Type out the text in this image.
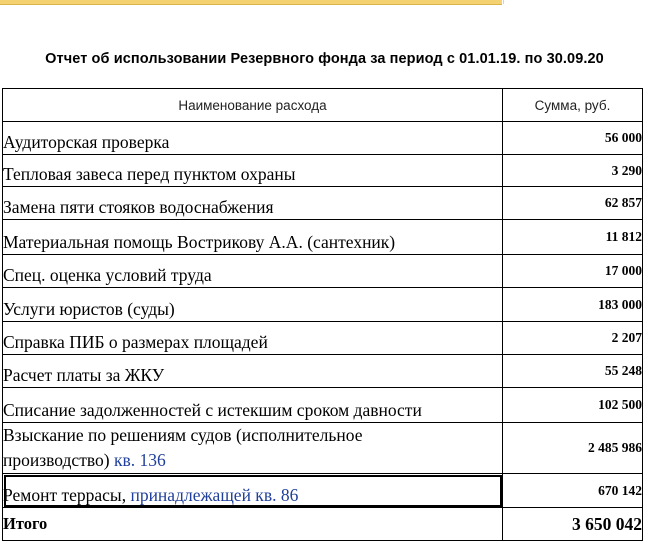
Отчет об использовании Резервного фонда за период с 01.01.19. по 30.09.20
Наименование расхода	Сумма, руб.
Аудиторская проверка	56 000
Тепловая завеса перед пунктом охраны	3 290
Замена пяти стояков водоснабжения	62 857
Материальная помощь Вострикову А.А. (сантехник)	11 812
Спец. оценка условий труда	17 000
Услуги юристов (суды)	183 000
Справка ПИБ о размерах площадей	2 207
Расчет платы за ЖКУ	55 248
Списание задолженностей с истекшим сроком давности	102 500
Взыскание по решениям судов (исполнительное
производство) кв. 136	2 485 986
Ремонт террасы, принадлежащей кв. 86	670 142
Итого	3 650 042
